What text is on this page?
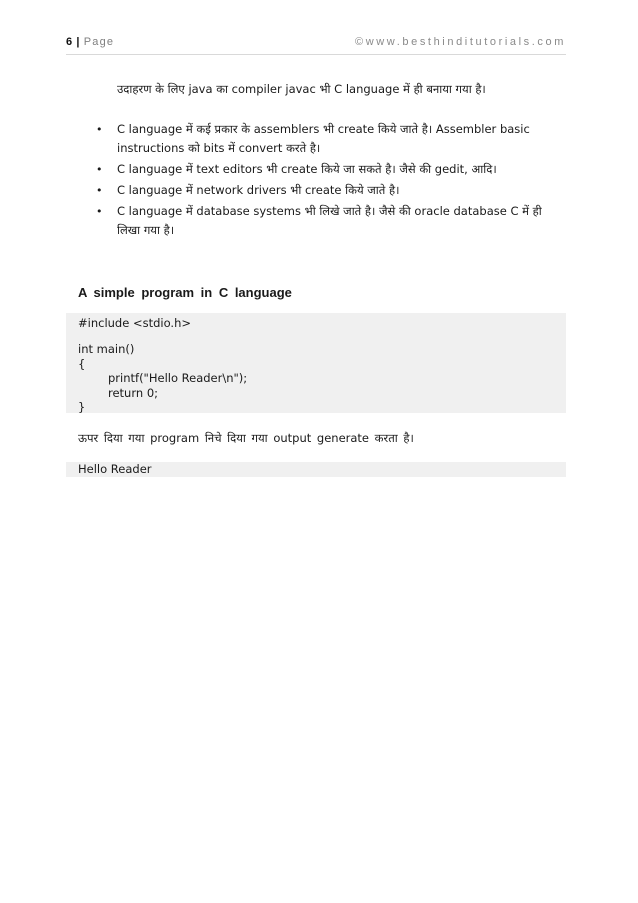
6 | Page	©www.besthinditutorials.com
उदाहरण के लिए java का compiler javac भी C language में ही बनाया गया है।
• C language में कई प्रकार के assemblers भी create किये जाते है। Assembler basic instructions को bits में convert करते है।
• C language में text editors भी create किये जा सकते है। जैसे की gedit, आदि।
• C language में network drivers भी create किये जाते है।
• C language में database systems भी लिखे जाते है। जैसे की oracle database C में ही लिखा गया है।
A simple program in C language
#include <stdio.h>
int main()
{
printf("Hello Reader\n");
return 0;
}
ऊपर दिया गया program निचे दिया गया output generate करता है।
Hello Reader
